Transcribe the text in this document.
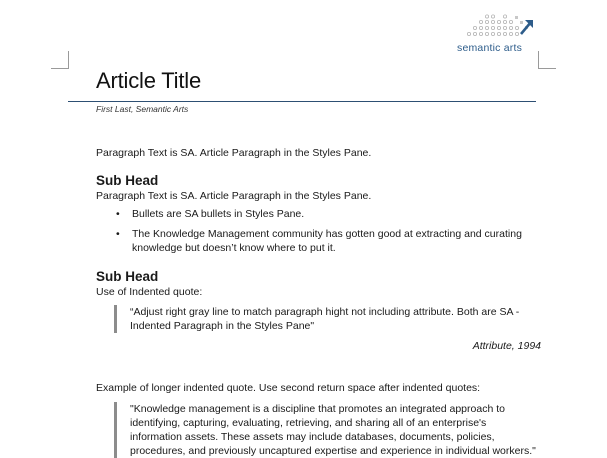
semantic arts
Article Title
First Last, Semantic Arts

Paragraph Text is SA. Article Paragraph in the Styles Pane.

Sub Head

Paragraph Text is SA. Article Paragraph in the Styles Pane.

• Bullets are SA bullets in Styles Pane.
• The Knowledge Management community has gotten good at extracting and curating knowledge but doesn’t know where to put it.
Sub Head

Use of Indented quote:

“Adjust right gray line to match paragraph hight not including attribute. Both are SA - Indented Paragraph in the Styles Pane"

Attribute, 1994

Example of longer indented quote. Use second return space after indented quotes:

"Knowledge management is a discipline that promotes an integrated approach to identifying, capturing, evaluating, retrieving, and sharing all of an enterprise's information assets. These assets may include databases, documents, policies, procedures, and previously uncaptured expertise and experience in individual workers."
